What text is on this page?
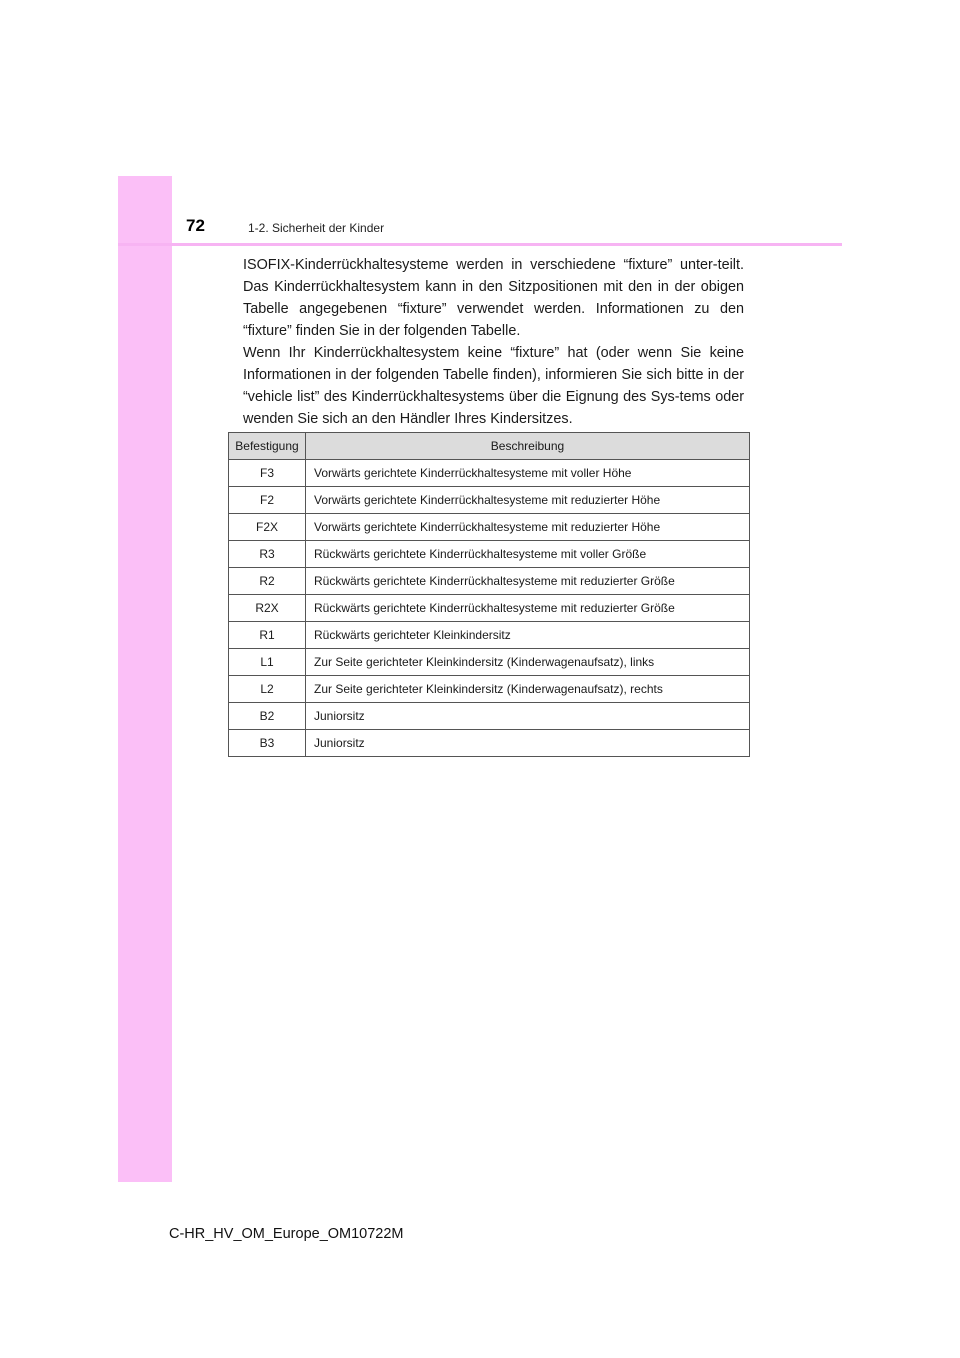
72	1-2. Sicherheit der Kinder

ISOFIX-Kinderrückhaltesysteme werden in verschiedene “fixture” unter-teilt. Das Kinderrückhaltesystem kann in den Sitzpositionen mit den in der obigen Tabelle angegebenen “fixture” verwendet werden. Informationen zu den “fixture” finden Sie in der folgenden Tabelle.

Wenn Ihr Kinderrückhaltesystem keine “fixture” hat (oder wenn Sie keine Informationen in der folgenden Tabelle finden), informieren Sie sich bitte in der “vehicle list” des Kinderrückhaltesystems über die Eignung des Sys-tems oder wenden Sie sich an den Händler Ihres Kindersitzes.

Befestigung	Beschreibung
F3	Vorwärts gerichtete Kinderrückhaltesysteme mit voller Höhe
F2	Vorwärts gerichtete Kinderrückhaltesysteme mit reduzierter Höhe
F2X	Vorwärts gerichtete Kinderrückhaltesysteme mit reduzierter Höhe
R3	Rückwärts gerichtete Kinderrückhaltesysteme mit voller Größe
R2	Rückwärts gerichtete Kinderrückhaltesysteme mit reduzierter Größe
R2X	Rückwärts gerichtete Kinderrückhaltesysteme mit reduzierter Größe
R1	Rückwärts gerichteter Kleinkindersitz
L1	Zur Seite gerichteter Kleinkindersitz (Kinderwagenaufsatz), links
L2	Zur Seite gerichteter Kleinkindersitz (Kinderwagenaufsatz), rechts
B2	Juniorsitz
B3	Juniorsitz
C-HR_HV_OM_Europe_OM10722M
